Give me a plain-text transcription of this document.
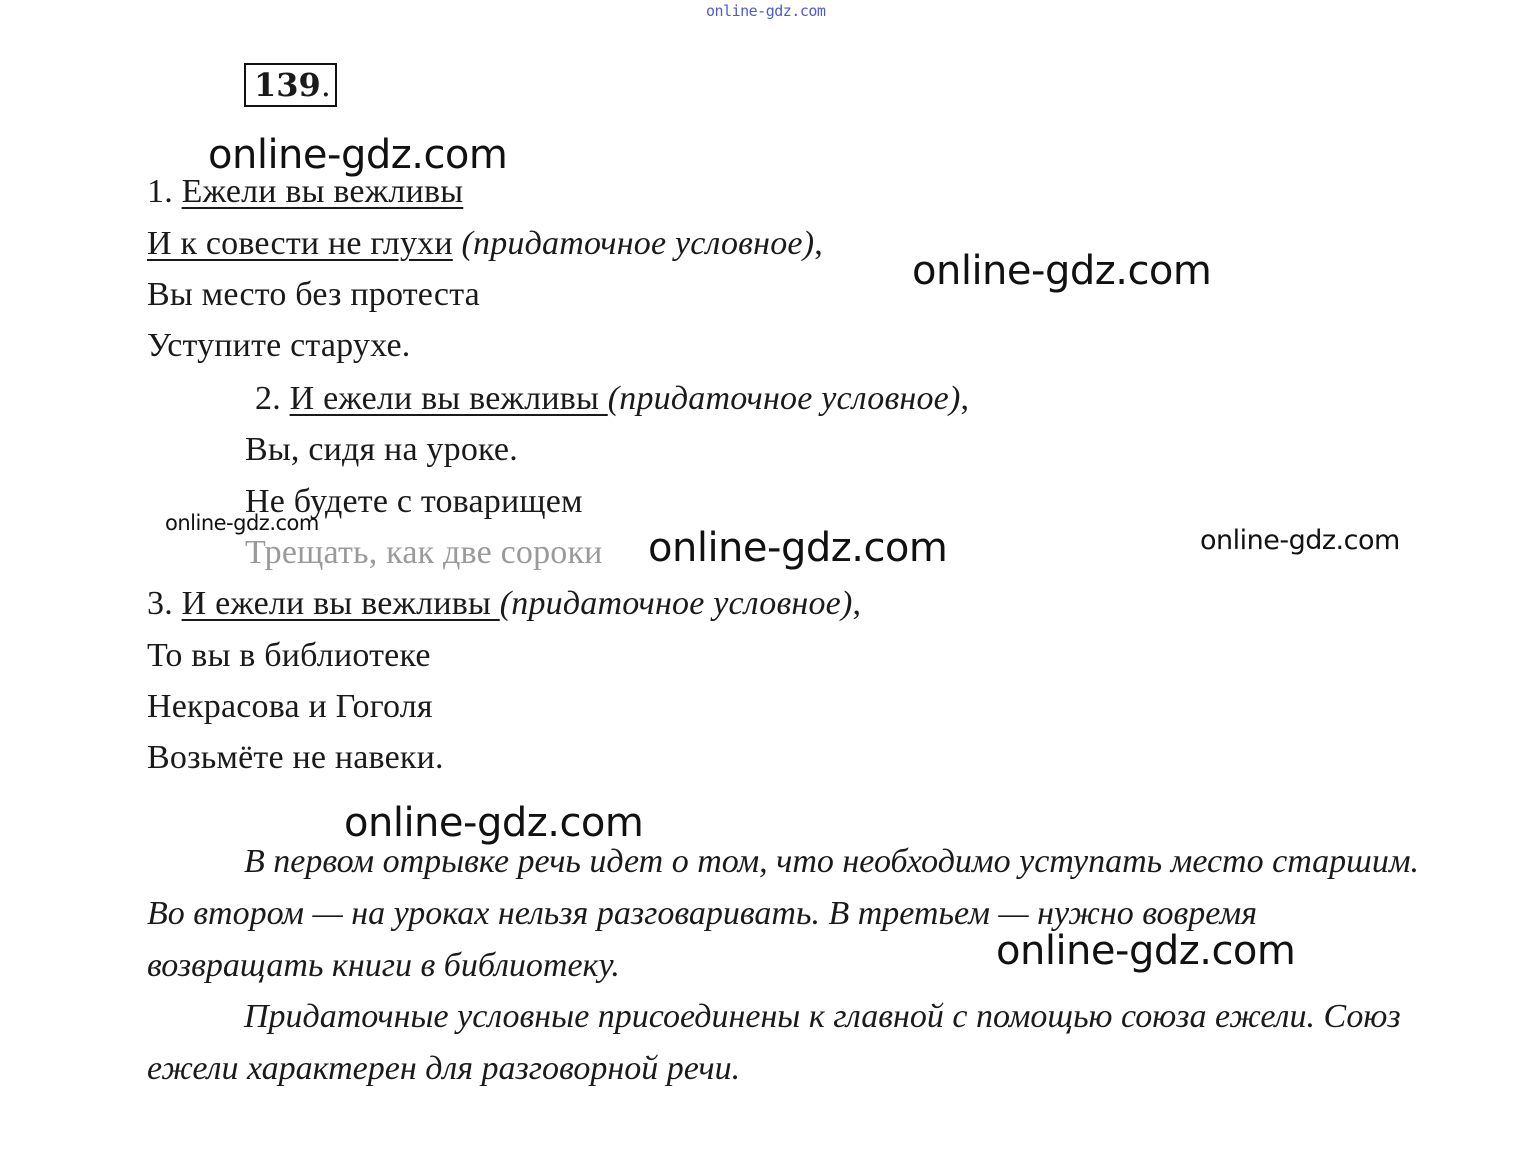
online-gdz.com
139.
1. Ежели вы вежливы
И к совести не глухи (придаточное условное),
Вы место без протеста
Уступите старухе.
2. И ежели вы вежливы (придаточное условное),
Вы, сидя на уроке.
Не будете с товарищем
Трещать, как две сороки
3. И ежели вы вежливы (придаточное условное),
То вы в библиотеке
Некрасова и Гоголя
Возьмёте не навеки.
В первом отрывке речь идет о том, что необходимо уступать место старшим. Во втором — на уроках нельзя разговаривать. В третьем — нужно вовремя возвращать книги в библиотеку.
Придаточные условные присоединены к главной с помощью союза ежели. Союз ежели характерен для разговорной речи.
online-gdz.com
online-gdz.com
online-gdz.com
online-gdz.com	online-gdz.com
online-gdz.com
online-gdz.com
